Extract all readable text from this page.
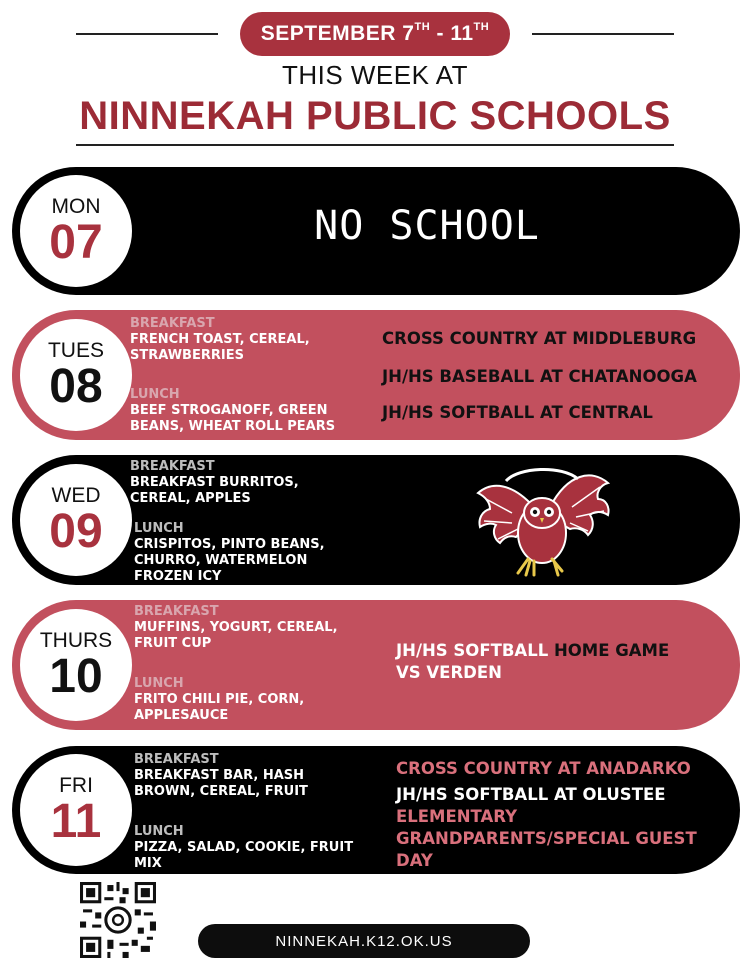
SEPTEMBER 7TH - 11TH
THIS WEEK AT
NINNEKAH PUBLIC SCHOOLS
MON
07	NO SCHOOL
TUES
08
BREAKFAST
FRENCH TOAST, CEREAL, STRAWBERRIES
LUNCH
BEEF STROGANOFF, GREEN BEANS, WHEAT ROLL PEARS
CROSS COUNTRY AT MIDDLEBURG
JH/HS BASEBALL AT CHATANOOGA
JH/HS SOFTBALL AT CENTRAL
WED
09
BREAKFAST
BREAKFAST BURRITOS, CEREAL, APPLES
LUNCH
CRISPITOS, PINTO BEANS, CHURRO, WATERMELON FROZEN ICY
THURS
10
BREAKFAST
MUFFINS, YOGURT, CEREAL, FRUIT CUP
LUNCH
FRITO CHILI PIE, CORN, APPLESAUCE
JH/HS SOFTBALL HOME GAME
VS VERDEN
FRI
11
BREAKFAST
BREAKFAST BAR, HASH BROWN, CEREAL, FRUIT
LUNCH
PIZZA, SALAD, COOKIE, FRUIT MIX
CROSS COUNTRY AT ANADARKO
JH/HS SOFTBALL AT OLUSTEE
ELEMENTARY GRANDPARENTS/SPECIAL GUEST DAY
NINNEKAH.K12.OK.US
